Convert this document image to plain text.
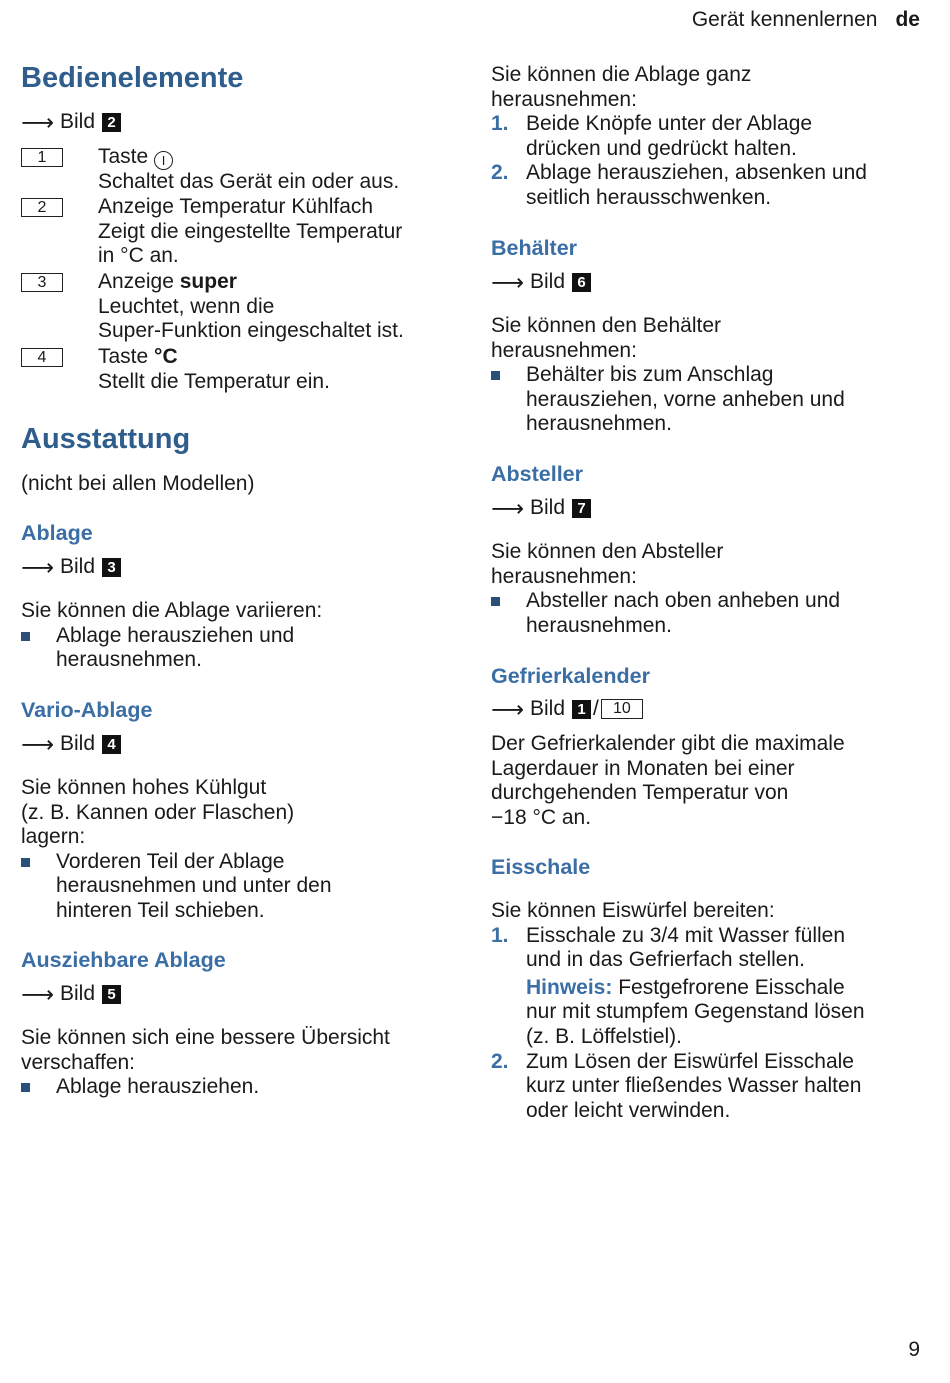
Gerät kennenlernen de
Bedienelemente
⟶ Bild 2
1	Taste I
Schaltet das Gerät ein oder aus.
2	Anzeige Temperatur Kühlfach
Zeigt die eingestellte Temperatur
in °C an.
3	Anzeige super
Leuchtet, wenn die
Super-Funktion eingeschaltet ist.
4	Taste °C
Stellt die Temperatur ein.
Ausstattung
(nicht bei allen Modellen)
Ablage
⟶ Bild 3
Sie können die Ablage variieren:
Ablage herausziehen und
herausnehmen.
Vario-Ablage
⟶ Bild 4
Sie können hohes Kühlgut
(z. B. Kannen oder Flaschen)
lagern:
Vorderen Teil der Ablage
herausnehmen und unter den
hinteren Teil schieben.
Ausziehbare Ablage
⟶ Bild 5
Sie können sich eine bessere Übersicht
verschaffen:
Ablage herausziehen.
Sie können die Ablage ganz
herausnehmen:
1. Beide Knöpfe unter der Ablage
drücken und gedrückt halten.
2. Ablage herausziehen, absenken und
seitlich herausschwenken.
Behälter
⟶ Bild 6
Sie können den Behälter
herausnehmen:
Behälter bis zum Anschlag
herausziehen, vorne anheben und
herausnehmen.
Absteller
⟶ Bild 7
Sie können den Absteller
herausnehmen:
Absteller nach oben anheben und
herausnehmen.
Gefrierkalender
⟶ Bild 1 / 10
Der Gefrierkalender gibt die maximale
Lagerdauer in Monaten bei einer
durchgehenden Temperatur von
−18 °C an.
Eisschale
Sie können Eiswürfel bereiten:
1. Eisschale zu 3/4 mit Wasser füllen
und in das Gefrierfach stellen.
Hinweis: Festgefrorene Eisschale
nur mit stumpfem Gegenstand lösen
(z. B. Löffelstiel).
2. Zum Lösen der Eiswürfel Eisschale
kurz unter fließendes Wasser halten
oder leicht verwinden.
9
